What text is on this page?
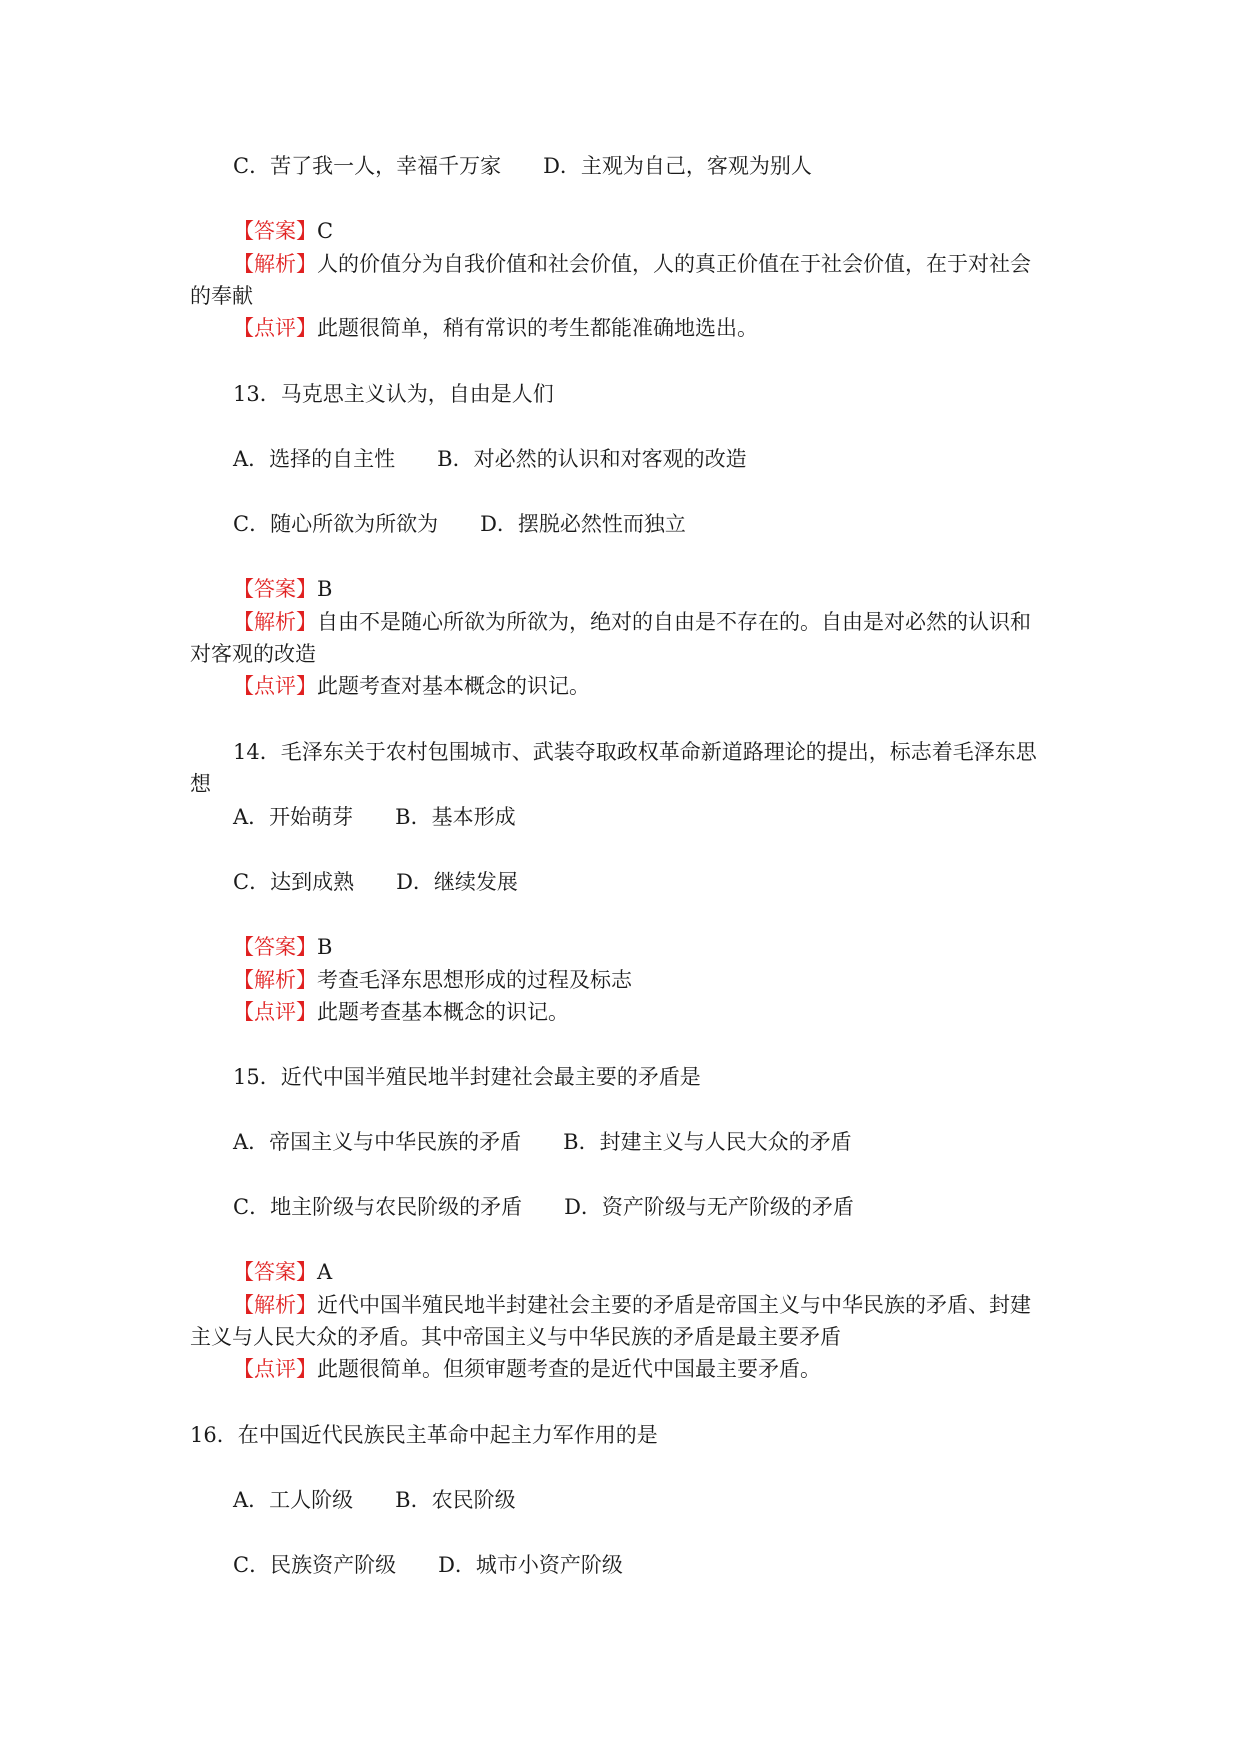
C．苦了我一人，幸福千万家 D．主观为自己，客观为别人
【答案】C
【解析】人的价值分为自我价值和社会价值，人的真正价值在于社会价值，在于对社会
的奉献
【点评】此题很简单，稍有常识的考生都能准确地选出。
13．马克思主义认为，自由是人们
A．选择的自主性 B．对必然的认识和对客观的改造
C．随心所欲为所欲为 D．摆脱必然性而独立
【答案】B
【解析】自由不是随心所欲为所欲为，绝对的自由是不存在的。自由是对必然的认识和
对客观的改造
【点评】此题考查对基本概念的识记。
14．毛泽东关于农村包围城市、武装夺取政权革命新道路理论的提出，标志着毛泽东思
想
A．开始萌芽 B．基本形成
C．达到成熟 D．继续发展
【答案】B
【解析】考查毛泽东思想形成的过程及标志
【点评】此题考查基本概念的识记。
15．近代中国半殖民地半封建社会最主要的矛盾是
A．帝国主义与中华民族的矛盾 B．封建主义与人民大众的矛盾
C．地主阶级与农民阶级的矛盾 D．资产阶级与无产阶级的矛盾
【答案】A
【解析】近代中国半殖民地半封建社会主要的矛盾是帝国主义与中华民族的矛盾、封建
主义与人民大众的矛盾。其中帝国主义与中华民族的矛盾是最主要矛盾
【点评】此题很简单。但须审题考查的是近代中国最主要矛盾。
16．在中国近代民族民主革命中起主力军作用的是
A．工人阶级 B．农民阶级
C．民族资产阶级 D．城市小资产阶级
